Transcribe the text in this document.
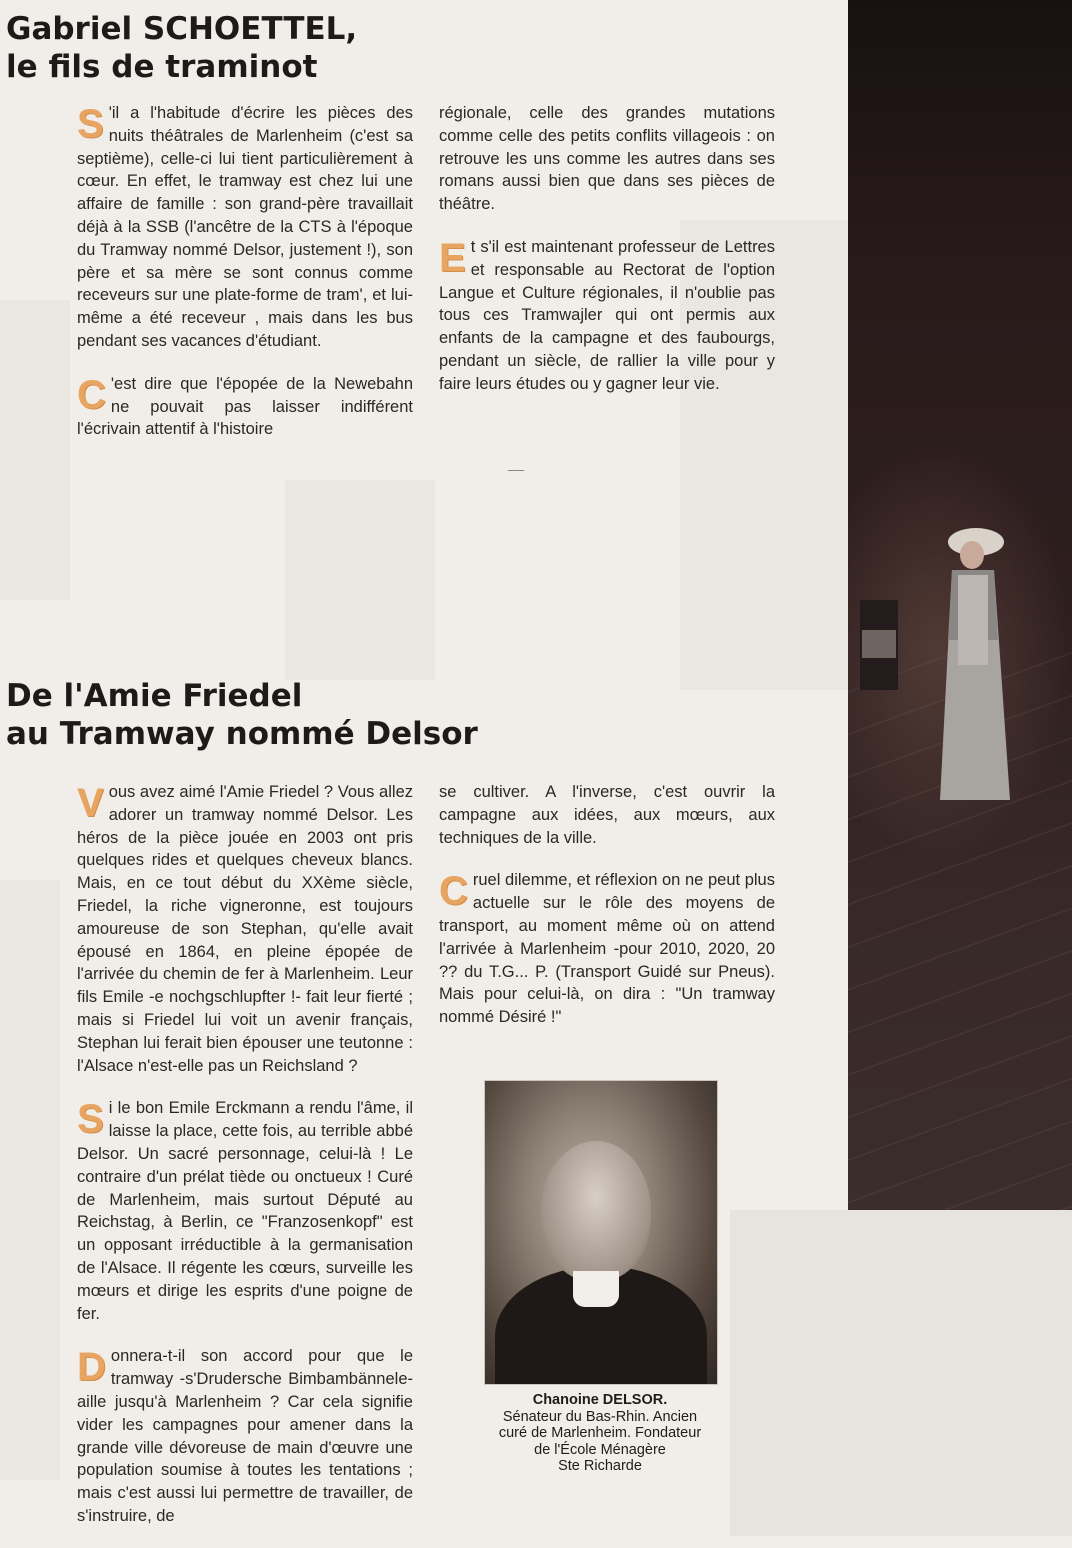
Gabriel SCHOETTEL,
le fils de traminot

S 'il a l'habitude d'écrire les pièces des nuits théâtrales de Marlenheim (c'est sa septième), celle-ci lui tient particulièrement à cœur. En effet, le tramway est chez lui une affaire de famille : son grand-père travaillait déjà à la SSB (l'ancêtre de la CTS à l'époque du Tramway nommé Delsor, justement !), son père et sa mère se sont connus comme receveurs sur une plate-forme de tram', et lui-même a été receveur , mais dans les bus pendant ses vacances d'étudiant.

C 'est dire que l'épopée de la Newebahn ne pouvait pas laisser indifférent l'écrivain attentif à l'histoire

régionale, celle des grandes mutations comme celle des petits conflits villageois : on retrouve les uns comme les autres dans ses romans aussi bien que dans ses pièces de théâtre.

Et s'il est maintenant professeur de Lettres et responsable au Rectorat de l'option Langue et Culture régionales, il n'oublie pas tous ces Tramwajler qui ont permis aux enfants de la campagne et des faubourgs, pendant un siècle, de rallier la ville pour y faire leurs études ou y gagner leur vie.

De l'Amie Friedel
au Tramway nommé Delsor

Vous avez aimé l'Amie Friedel ? Vous allez adorer un tramway nommé Delsor. Les héros de la pièce jouée en 2003 ont pris quelques rides et quelques cheveux blancs. Mais, en ce tout début du XXème siècle, Friedel, la riche vigneronne, est toujours amoureuse de son Stephan, qu'elle avait épousé en 1864, en pleine épopée de l'arrivée du chemin de fer à Marlenheim. Leur fils Emile -e nochgschlupfter !- fait leur fierté ; mais si Friedel lui voit un avenir français, Stephan lui ferait bien épouser une teutonne : l'Alsace n'est-elle pas un Reichsland ?

Si le bon Emile Erckmann a rendu l'âme, il laisse la place, cette fois, au terrible abbé Delsor. Un sacré personnage, celui-là ! Le contraire d'un prélat tiède ou onctueux ! Curé de Marlenheim, mais surtout Député au Reichstag, à Berlin, ce "Franzosenkopf" est un opposant irréductible à la germanisation de l'Alsace. Il régente les cœurs, surveille les mœurs et dirige les esprits d'une poigne de fer.

Donnera-t-il son accord pour que le tramway -s'Drudersche Bimbambännele- aille jusqu'à Marlenheim ? Car cela signifie vider les campagnes pour amener dans la grande ville dévoreuse de main d'œuvre une population soumise à toutes les tentations ; mais c'est aussi lui permettre de travailler, de s'instruire, de

se cultiver. A l'inverse, c'est ouvrir la campagne aux idées, aux mœurs, aux techniques de la ville.

Cruel dilemme, et réflexion on ne peut plus actuelle sur le rôle des moyens de transport, au moment même où on attend l'arrivée à Marlenheim -pour 2010, 2020, 20 ?? du T.G... P. (Transport Guidé sur Pneus). Mais pour celui-là, on dira : "Un tramway nommé Désiré !"

Chanoine DELSOR.
Sénateur du Bas-Rhin. Ancien
curé de Marlenheim. Fondateur
de l'École Ménagère
Ste Richarde
